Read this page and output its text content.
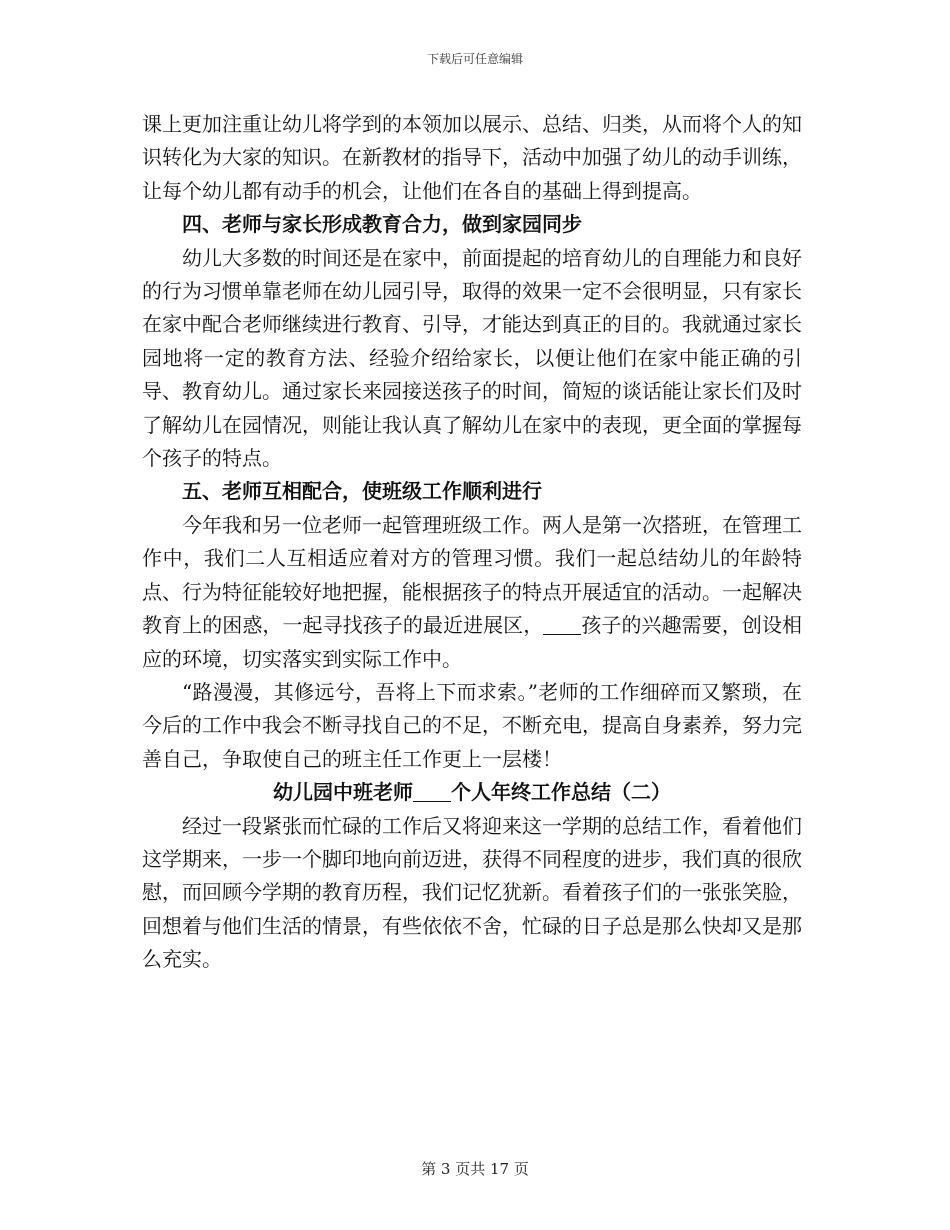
下载后可任意编辑

课上更加注重让幼儿将学到的本领加以展示、总结、归类，从而将个人的知识转化为大家的知识。在新教材的指导下，活动中加强了幼儿的动手训练，让每个幼儿都有动手的机会，让他们在各自的基础上得到提高。

四、老师与家长形成教育合力，做到家园同步

幼儿大多数的时间还是在家中，前面提起的培育幼儿的自理能力和良好的行为习惯单靠老师在幼儿园引导，取得的效果一定不会很明显，只有家长在家中配合老师继续进行教育、引导，才能达到真正的目的。我就通过家长园地将一定的教育方法、经验介绍给家长，以便让他们在家中能正确的引导、教育幼儿。通过家长来园接送孩子的时间，简短的谈话能让家长们及时了解幼儿在园情况，则能让我认真了解幼儿在家中的表现，更全面的掌握每个孩子的特点。

五、老师互相配合，使班级工作顺利进行

今年我和另一位老师一起管理班级工作。两人是第一次搭班，在管理工作中，我们二人互相适应着对方的管理习惯。我们一起总结幼儿的年龄特点、行为特征能较好地把握，能根据孩子的特点开展适宜的活动。一起解决教育上的困惑，一起寻找孩子的最近进展区， 孩子的兴趣需要，创设相应的环境，切实落实到实际工作中。

“路漫漫，其修远兮，吾将上下而求索。”老师的工作细碎而又繁琐，在今后的工作中我会不断寻找自己的不足，不断充电，提高自身素养，努力完善自己，争取使自己的班主任工作更上一层楼！

幼儿园中班老师 个人年终工作总结（二）

经过一段紧张而忙碌的工作后又将迎来这一学期的总结工作，看着他们这学期来，一步一个脚印地向前迈进，获得不同程度的进步，我们真的很欣慰，而回顾今学期的教育历程，我们记忆犹新。看着孩子们的一张张笑脸，回想着与他们生活的情景，有些依依不舍，忙碌的日子总是那么快却又是那么充实。

第 3 页共 17 页
